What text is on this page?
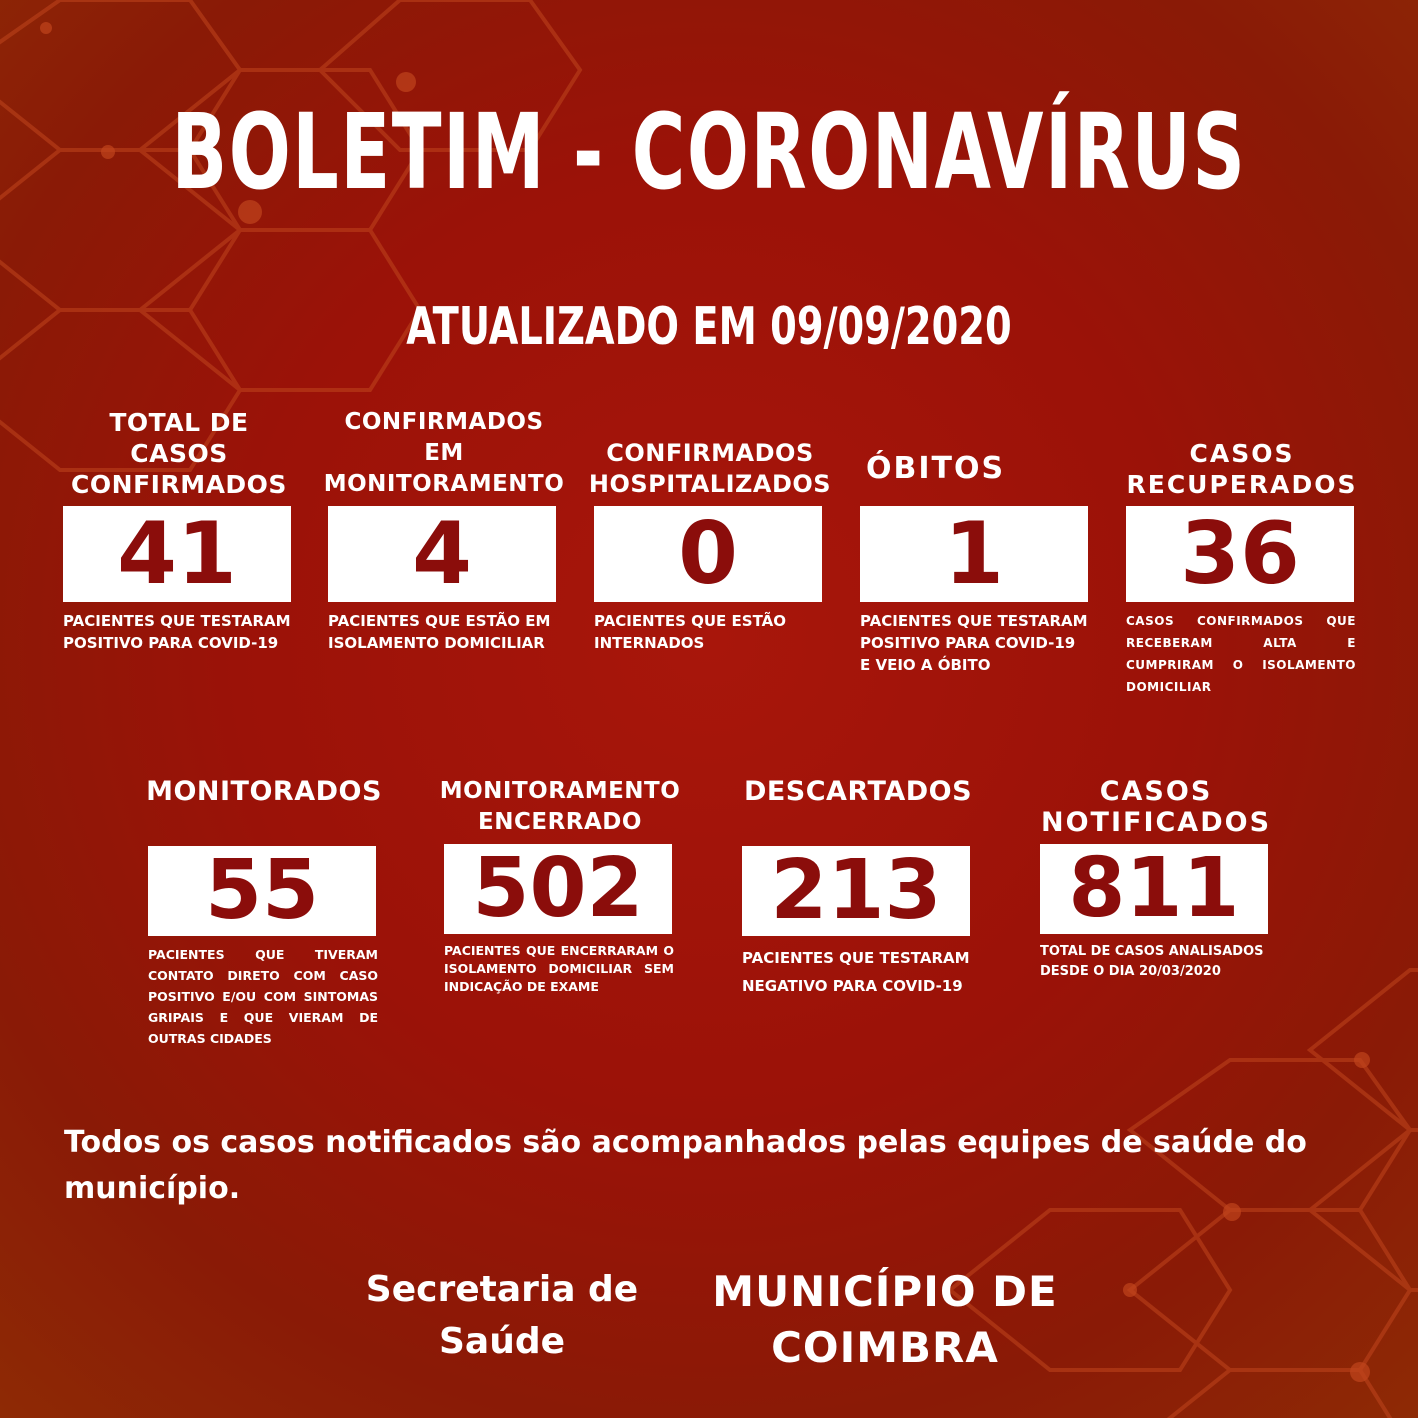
BOLETIM - CORONAVÍRUS
ATUALIZADO EM 09/09/2020
TOTAL DE CASOS CONFIRMADOS
41
PACIENTES QUE TESTARAM POSITIVO PARA COVID-19
CONFIRMADOS EM MONITORAMENTO
4
PACIENTES QUE ESTÃO EM ISOLAMENTO DOMICILIAR
CONFIRMADOS HOSPITALIZADOS
0
PACIENTES QUE ESTÃO INTERNADOS
ÓBITOS
1
PACIENTES QUE TESTARAM POSITIVO PARA COVID-19 E VEIO A ÓBITO
CASOS RECUPERADOS
36
CASOS CONFIRMADOS QUE RECEBERAM ALTA E CUMPRIRAM O ISOLAMENTO DOMICILIAR
MONITORADOS
55
PACIENTES QUE TIVERAM CONTATO DIRETO COM CASO POSITIVO E/OU COM SINTOMAS GRIPAIS E QUE VIERAM DE OUTRAS CIDADES
MONITORAMENTO ENCERRADO
502
PACIENTES QUE ENCERRARAM O ISOLAMENTO DOMICILIAR SEM INDICAÇÃO DE EXAME
DESCARTADOS
213
PACIENTES QUE TESTARAM NEGATIVO PARA COVID-19
CASOS NOTIFICADOS
811
TOTAL DE CASOS ANALISADOS DESDE O DIA 20/03/2020
Todos os casos notificados são acompanhados pelas equipes de saúde do município.
Secretaria de Saúde
MUNICÍPIO DE COIMBRA
